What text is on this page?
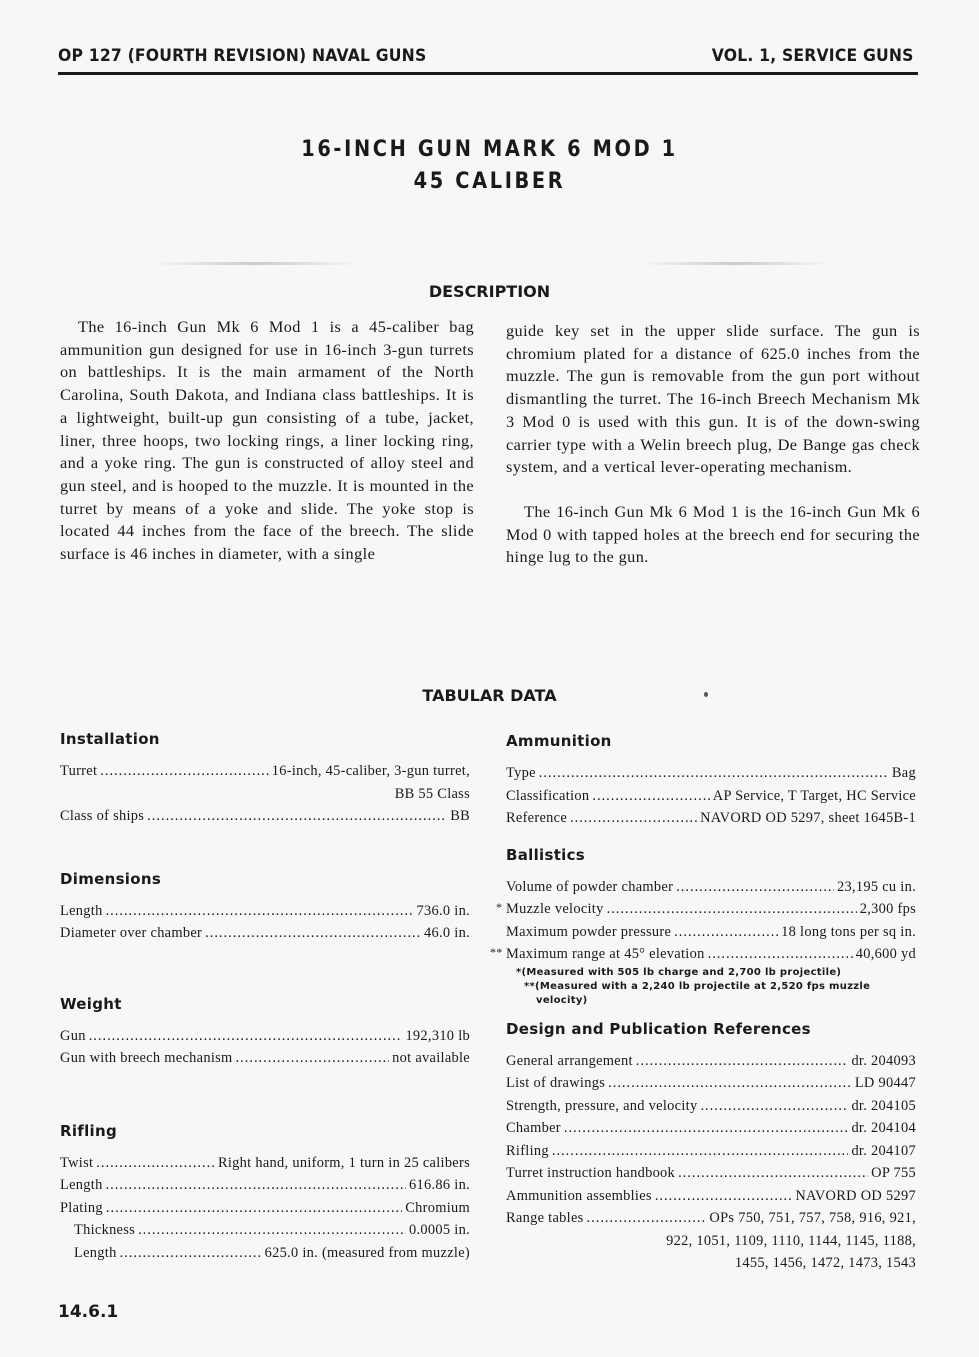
OP 127 (FOURTH REVISION) NAVAL GUNS	VOL. 1, SERVICE GUNS
16-INCH GUN MARK 6 MOD 1
45 CALIBER
DESCRIPTION

The 16-inch Gun Mk 6 Mod 1 is a 45-caliber bag ammunition gun designed for use in 16-inch 3-gun turrets on battleships. It is the main armament of the North Carolina, South Dakota, and Indiana class battleships. It is a lightweight, built-up gun consisting of a tube, jacket, liner, three hoops, two locking rings, a liner locking ring, and a yoke ring. The gun is constructed of alloy steel and gun steel, and is hooped to the muzzle. It is mounted in the turret by means of a yoke and slide. The yoke stop is located 44 inches from the face of the breech. The slide surface is 46 inches in diameter, with a single

guide key set in the upper slide surface. The gun is chromium plated for a distance of 625.0 inches from the muzzle. The gun is removable from the gun port without dismantling the turret. The 16-inch Breech Mechanism Mk 3 Mod 0 is used with this gun. It is of the down-swing carrier type with a Welin breech plug, De Bange gas check system, and a vertical lever-operating mechanism.

The 16-inch Gun Mk 6 Mod 1 is the 16-inch Gun Mk 6 Mod 0 with tapped holes at the breech end for securing the hinge lug to the gun.

TABULAR DATA
Installation
Turret .....	16-inch, 45-caliber, 3-gun turret,
BB 55 Class
Class of ships .....	BB
Dimensions
Length .....	736.0 in.
Diameter over chamber .....	46.0 in.
Weight
Gun .....	192,310 lb
Gun with breech mechanism .....	not available
Rifling
Twist .....	Right hand, uniform, 1 turn in 25 calibers
Length .....	616.86 in.
Plating .....	Chromium
Thickness .....	0.0005 in.
Length .....	625.0 in. (measured from muzzle)
Ammunition
Type .....	Bag
Classification .....	AP Service, T Target, HC Service
Reference .....	NAVORD OD 5297, sheet 1645B-1
Ballistics
Volume of powder chamber .....	23,195 cu in.
* Muzzle velocity .....	2,300 fps
Maximum powder pressure .....	18 long tons per sq in.
** Maximum range at 45° elevation .....	40,600 yd
*(Measured with 505 lb charge and 2,700 lb projectile)
**(Measured with a 2,240 lb projectile at 2,520 fps muzzle velocity)
Design and Publication References
General arrangement .....	dr. 204093
List of drawings .....	LD 90447
Strength, pressure, and velocity .....	dr. 204105
Chamber .....	dr. 204104
Rifling .....	dr. 204107
Turret instruction handbook .....	OP 755
Ammunition assemblies .....	NAVORD OD 5297
Range tables .....	OPs 750, 751, 757, 758, 916, 921,
922, 1051, 1109, 1110, 1144, 1145, 1188,
1455, 1456, 1472, 1473, 1543
14.6.1
